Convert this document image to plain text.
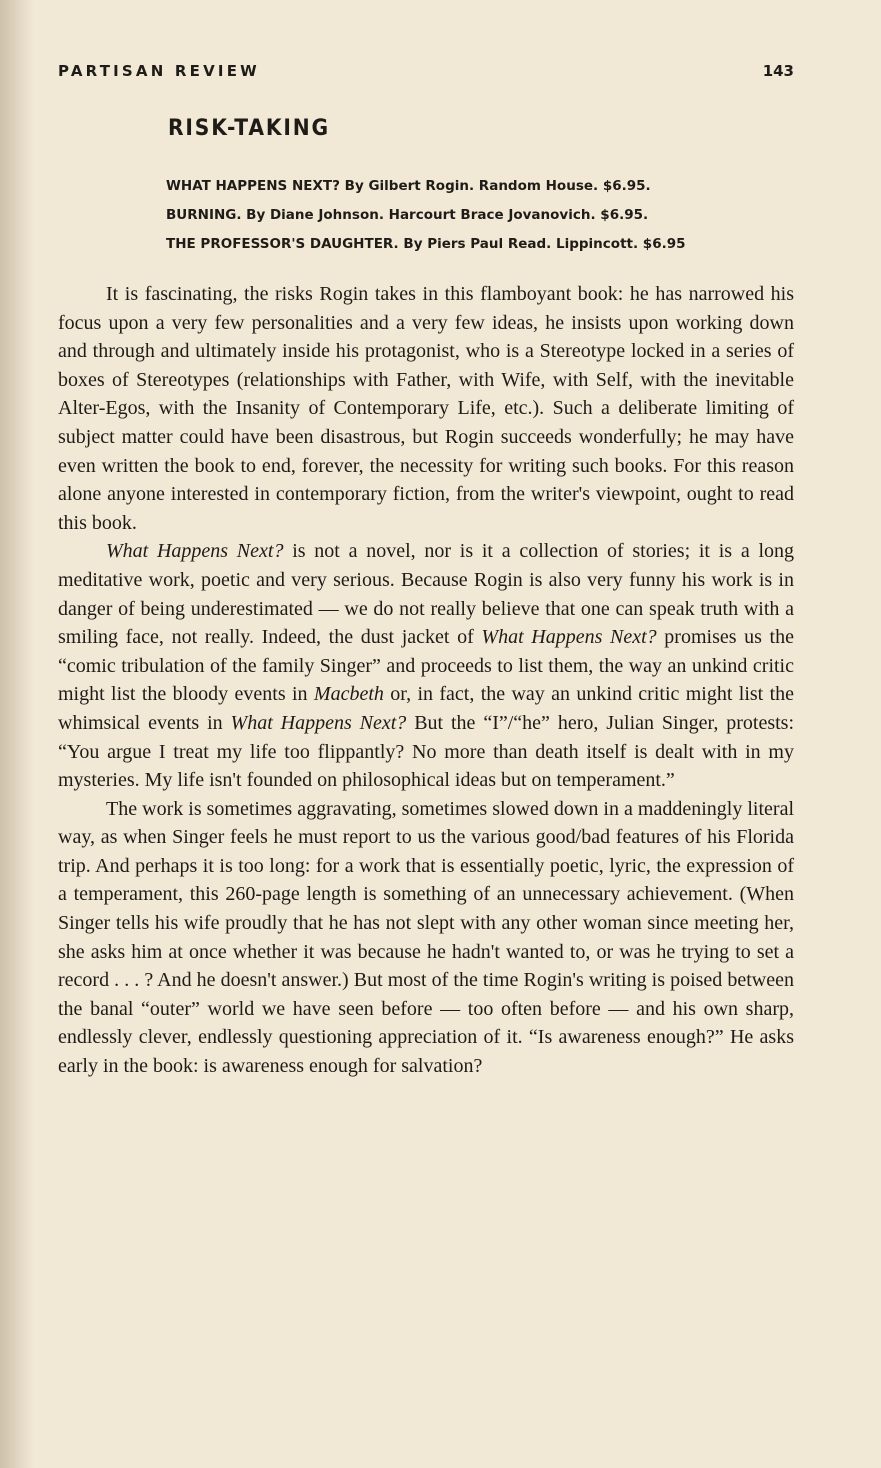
PARTISAN REVIEW	143
RISK-TAKING
WHAT HAPPENS NEXT? By Gilbert Rogin. Random House. $6.95.
BURNING. By Diane Johnson. Harcourt Brace Jovanovich. $6.95.
THE PROFESSOR'S DAUGHTER. By Piers Paul Read. Lippincott. $6.95

It is fascinating, the risks Rogin takes in this flamboyant book: he has narrowed his focus upon a very few personalities and a very few ideas, he insists upon working down and through and ultimately inside his protagonist, who is a Stereotype locked in a series of boxes of Stereotypes (relationships with Father, with Wife, with Self, with the inevitable Alter-Egos, with the Insanity of Contemporary Life, etc.). Such a deliberate limiting of subject matter could have been disastrous, but Rogin succeeds wonderfully; he may have even written the book to end, forever, the necessity for writing such books. For this reason alone anyone interested in contemporary fiction, from the writer's viewpoint, ought to read this book.

What Happens Next? is not a novel, nor is it a collection of stories; it is a long meditative work, poetic and very serious. Because Rogin is also very funny his work is in danger of being underestimated — we do not really believe that one can speak truth with a smiling face, not really. Indeed, the dust jacket of What Happens Next? promises us the “comic tribulation of the family Singer” and proceeds to list them, the way an unkind critic might list the bloody events in Macbeth or, in fact, the way an unkind critic might list the whimsical events in What Happens Next? But the “I”/“he” hero, Julian Singer, protests: “You argue I treat my life too flippantly? No more than death itself is dealt with in my mysteries. My life isn't founded on philosophical ideas but on temperament.”

The work is sometimes aggravating, sometimes slowed down in a maddeningly literal way, as when Singer feels he must report to us the various good/bad features of his Florida trip. And perhaps it is too long: for a work that is essentially poetic, lyric, the expression of a temperament, this 260-page length is something of an unnecessary achievement. (When Singer tells his wife proudly that he has not slept with any other woman since meeting her, she asks him at once whether it was because he hadn't wanted to, or was he trying to set a record . . . ? And he doesn't answer.) But most of the time Rogin's writing is poised between the banal “outer” world we have seen before — too often before — and his own sharp, endlessly clever, endlessly questioning appreciation of it. “Is awareness enough?” He asks early in the book: is awareness enough for salvation?
